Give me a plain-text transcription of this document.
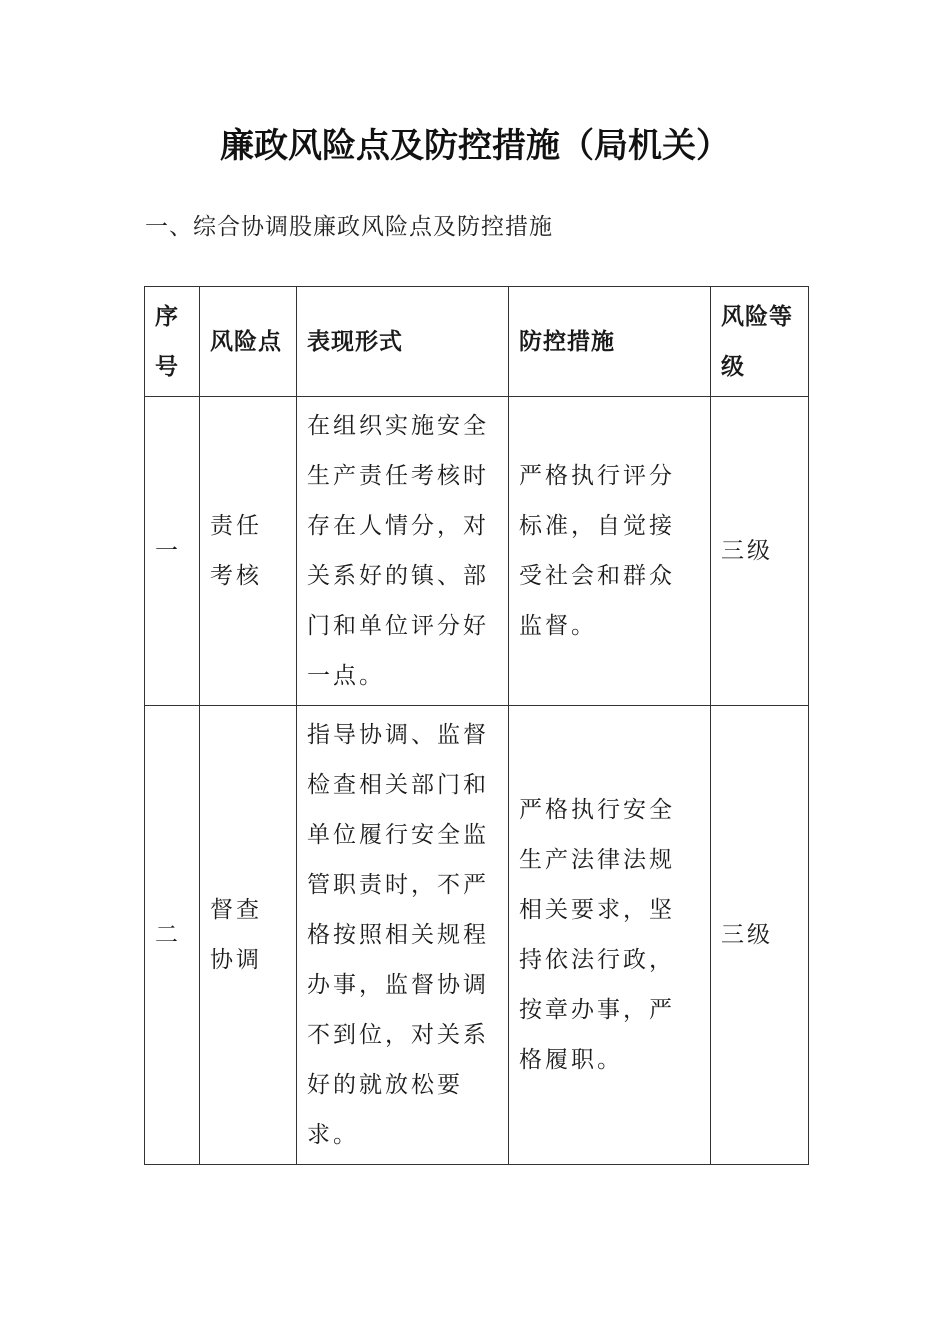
廉政风险点及防控措施（局机关）
一、综合协调股廉政风险点及防控措施
序号	风险点	表现形式	防控措施	风险等级
一	责任考核	在组织实施安全生产责任考核时存在人情分，对关系好的镇、部门和单位评分好一点。	严格执行评分标准，自觉接受社会和群众监督。	三级
二	督查协调	指导协调、监督检查相关部门和单位履行安全监管职责时，不严格按照相关规程办事，监督协调不到位，对关系好的就放松要求。	严格执行安全生产法律法规相关要求，坚持依法行政，按章办事，严格履职。	三级
